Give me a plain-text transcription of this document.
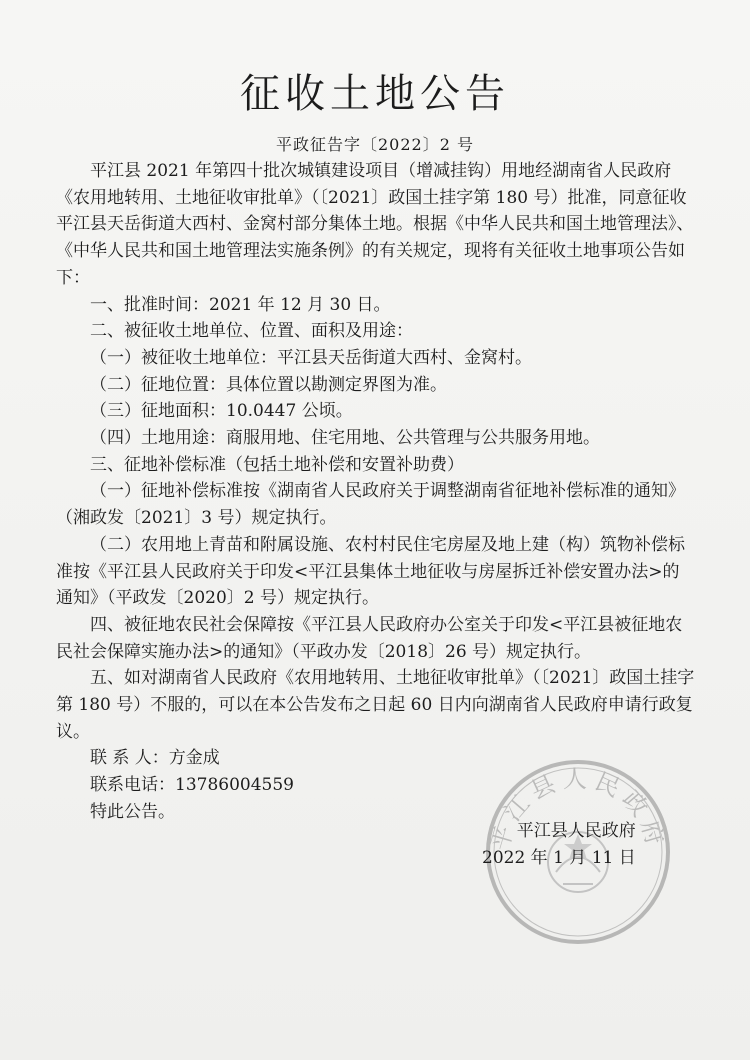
征收土地公告
平政征告字〔2022〕2 号

平江县 2021 年第四十批次城镇建设项目（增减挂钩）用地经湖南省人民政府《农用地转用、土地征收审批单》（〔2021〕政国土挂字第 180 号）批准，同意征收平江县天岳街道大西村、金窝村部分集体土地。根据《中华人民共和国土地管理法》、《中华人民共和国土地管理法实施条例》的有关规定，现将有关征收土地事项公告如下：

一、批准时间：2021 年 12 月 30 日。

二、被征收土地单位、位置、面积及用途：

（一）被征收土地单位：平江县天岳街道大西村、金窝村。

（二）征地位置：具体位置以勘测定界图为准。

（三）征地面积：10.0447 公顷。

（四）土地用途：商服用地、住宅用地、公共管理与公共服务用地。

三、征地补偿标准（包括土地补偿和安置补助费）

（一）征地补偿标准按《湖南省人民政府关于调整湖南省征地补偿标准的通知》（湘政发〔2021〕3 号）规定执行。

（二）农用地上青苗和附属设施、农村村民住宅房屋及地上建（构）筑物补偿标准按《平江县人民政府关于印发<平江县集体土地征收与房屋拆迁补偿安置办法>的通知》（平政发〔2020〕2 号）规定执行。

四、被征地农民社会保障按《平江县人民政府办公室关于印发<平江县被征地农民社会保障实施办法>的通知》（平政办发〔2018〕26 号）规定执行。

五、如对湖南省人民政府《农用地转用、土地征收审批单》（〔2021〕政国土挂字第 180 号）不服的，可以在本公告发布之日起 60 日内向湖南省人民政府申请行政复议。

联 系 人：方金成

联系电话：13786004559

特此公告。

平江县人民政府
平江县人民政府
2022 年 1 月 11 日
